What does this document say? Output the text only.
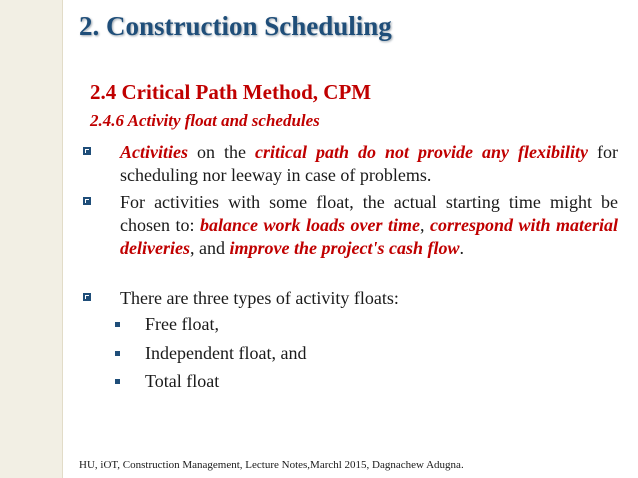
2. Construction Scheduling
2.4 Critical Path Method, CPM
2.4.6 Activity float and schedules
Activities on the critical path do not provide any flexibility for scheduling nor leeway in case of problems.
For activities with some float, the actual starting time might be chosen to: balance work loads over time, correspond with material deliveries, and improve the project's cash flow.
There are three types of activity floats:
Free float,
Independent float, and
Total float
HU, iOT, Construction Management, Lecture Notes,Marchl 2015, Dagnachew Adugna.
